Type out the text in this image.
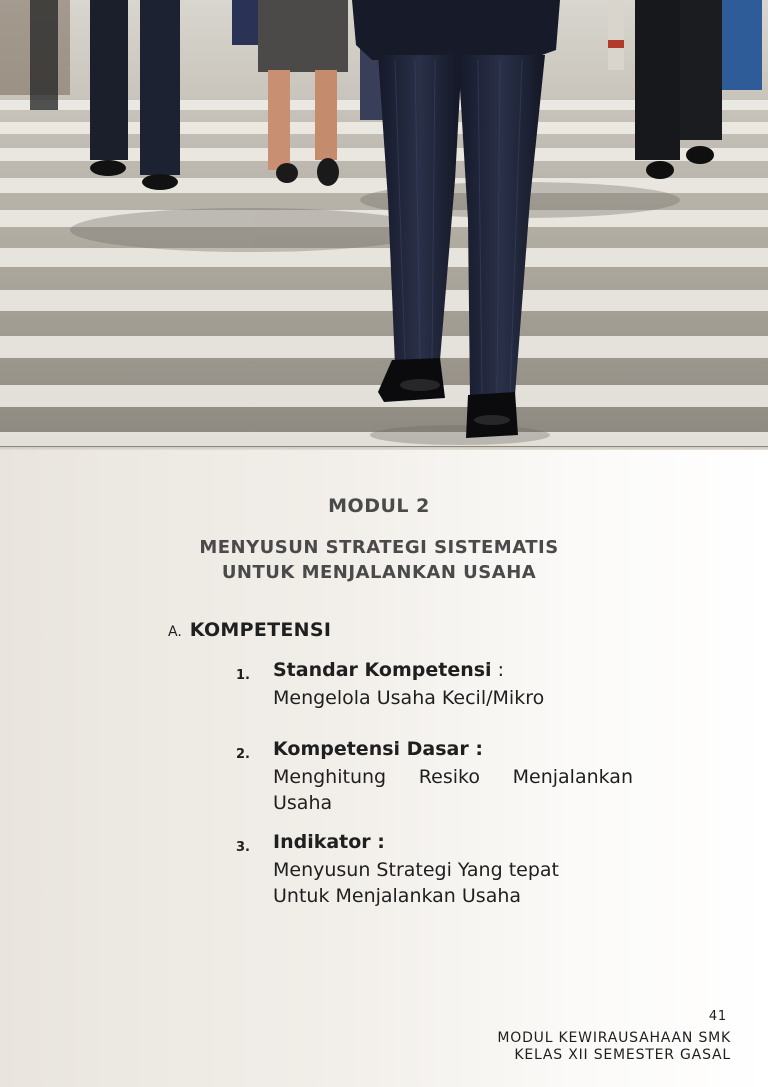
MODUL 2
MENYUSUN STRATEGI SISTEMATIS
UNTUK MENJALANKAN USAHA
A. KOMPETENSI
1. Standar Kompetensi :
Mengelola Usaha Kecil/Mikro
2. Kompetensi Dasar :
Menghitung Resiko Menjalankan Usaha
3. Indikator :
Menyusun Strategi Yang tepat
Untuk Menjalankan Usaha
41
MODUL KEWIRAUSAHAAN SMK
KELAS XII SEMESTER GASAL
